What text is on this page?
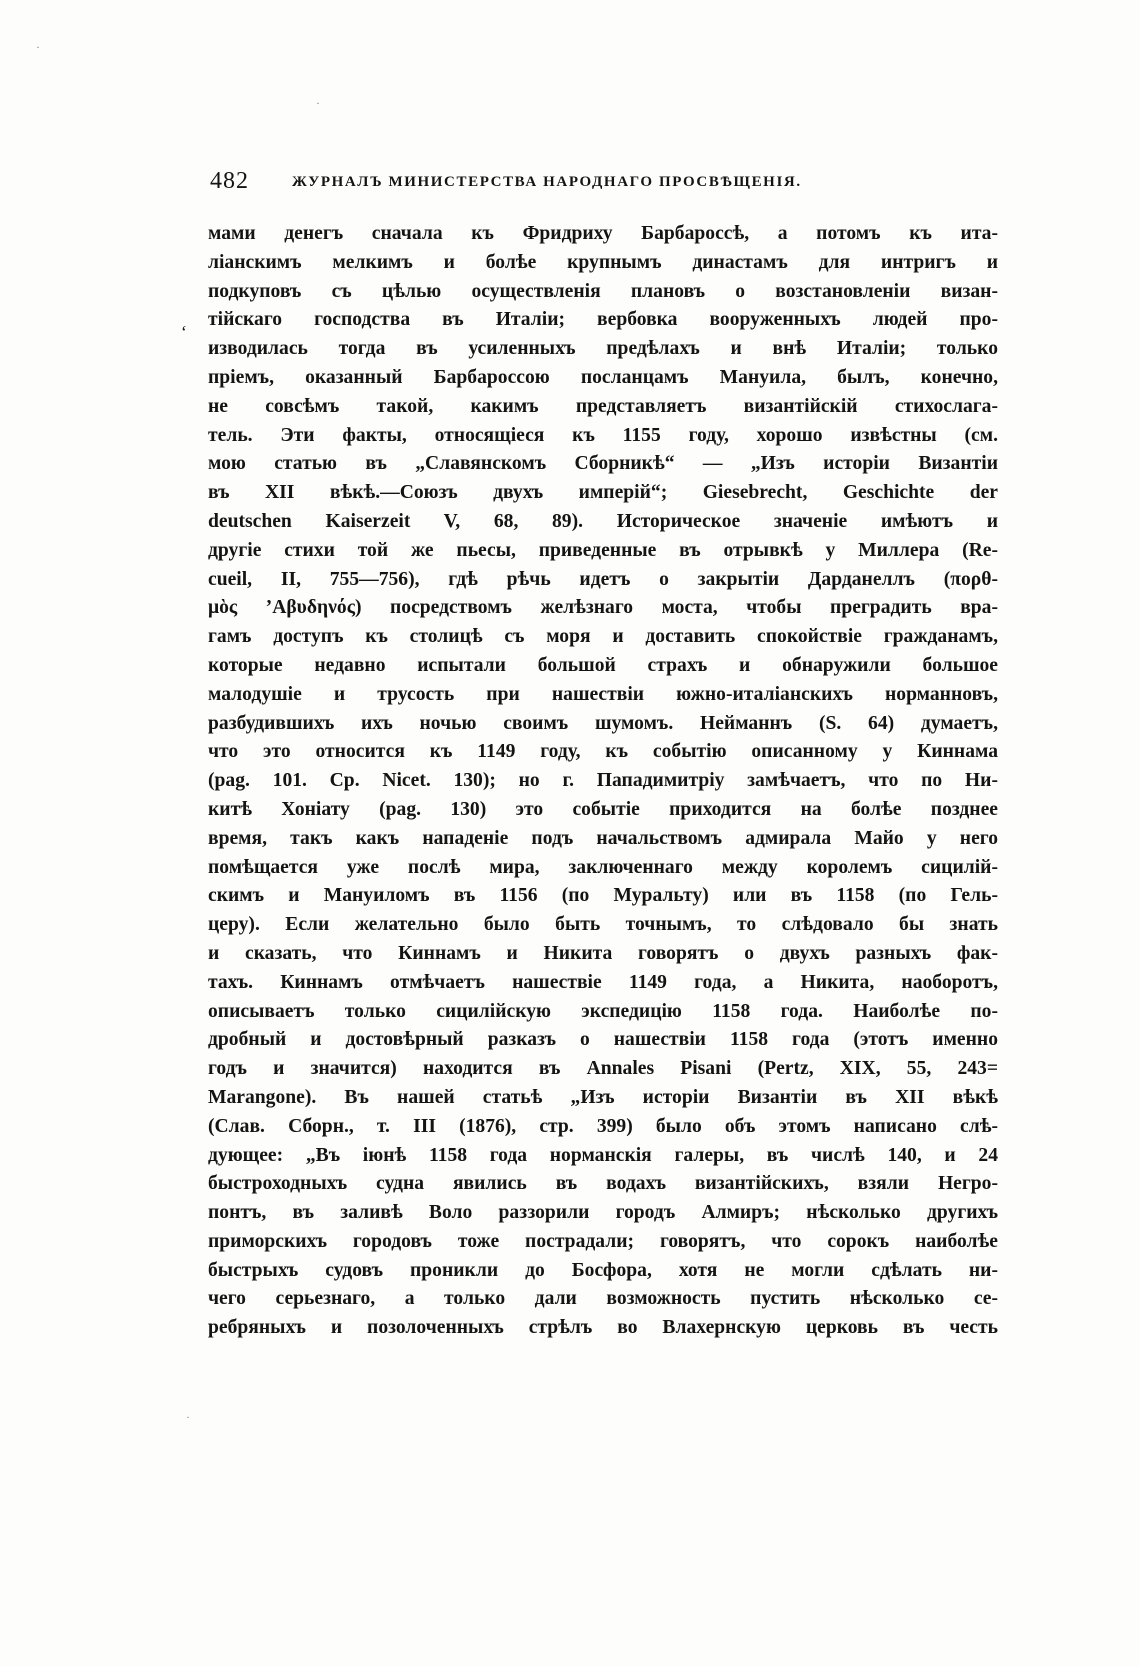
482	ЖУРНАЛЪ МИНИСТЕРСТВА НАРОДНАГО ПРОСВѢЩЕНІЯ.
ʻ
мами денегъ сначала къ Фридриху Барбароссѣ, а потомъ къ ита-
ліанскимъ мелкимъ и болѣе крупнымъ династамъ для интригъ и
подкуповъ съ цѣлью осуществленія плановъ о возстановленіи визан-
тійскаго господства въ Италіи; вербовка вооруженныхъ людей про-
изводилась тогда въ усиленныхъ предѣлахъ и внѣ Италіи; только
пріемъ, оказанный Барбароссою посланцамъ Мануила, былъ, конечно,
не совсѣмъ такой, какимъ представляетъ византійскій стихослага-
тель. Эти факты, относящіеся къ 1155 году, хорошо извѣстны (см.
мою статью въ „Славянскомъ Сборникѣ“ — „Изъ исторіи Византіи
въ XII вѣкѣ.—Союзъ двухъ имперій“; Giesebrecht, Geschichte der
deutschen Kaiserzeit V, 68, 89). Историческое значеніе имѣютъ и
другіе стихи той же пьесы, приведенные въ отрывкѣ у Миллера (Re-
cueil, II, 755—756), гдѣ рѣчь идетъ о закрытіи Дарданеллъ (πορθ-
μὸς ’Αβυδηνός) посредствомъ желѣзнаго моста, чтобы преградить вра-
гамъ доступъ къ столицѣ съ моря и доставить спокойствіе гражданамъ,
которые недавно испытали большой страхъ и обнаружили большое
малодушіе и трусость при нашествіи южно-италіанскихъ норманновъ,
разбудившихъ ихъ ночью своимъ шумомъ. Нейманнъ (S. 64) думаетъ,
что это относится къ 1149 году, къ событію описанному у Киннама
(pag. 101. Cp. Nicet. 130); но г. Пападимитріу замѣчаетъ, что по Ни-
китѣ Хоніату (pag. 130) это событіе приходится на болѣе позднее
время, такъ какъ нападеніе подъ начальствомъ адмирала Майо у него
помѣщается уже послѣ мира, заключеннаго между королемъ сицилій-
скимъ и Мануиломъ въ 1156 (по Муральту) или въ 1158 (по Гель-
церу). Если желательно было быть точнымъ, то слѣдовало бы знать
и сказать, что Киннамъ и Никита говорятъ о двухъ разныхъ фак-
тахъ. Киннамъ отмѣчаетъ нашествіе 1149 года, а Никита, наоборотъ,
описываетъ только сицилійскую экспедицію 1158 года. Наиболѣе по-
дробный и достовѣрный разказъ о нашествіи 1158 года (этотъ именно
годъ и значится) находится въ Annales Pisani (Pertz, XIX, 55, 243=
Marangone). Въ нашей статьѣ „Изъ исторіи Византіи въ XII вѣкѣ
(Слав. Сборн., т. III (1876), стр. 399) было объ этомъ написано слѣ-
дующее: „Въ іюнѣ 1158 года норманскія галеры, въ числѣ 140, и 24
быстроходныхъ судна явились въ водахъ византійскихъ, взяли Негро-
понтъ, въ заливѣ Воло раззорили городъ Алмиръ; нѣсколько другихъ
приморскихъ городовъ тоже пострадали; говорятъ, что сорокъ наиболѣе
быстрыхъ судовъ проникли до Босфора, хотя не могли сдѣлать ни-
чего серьезнаго, а только дали возможность пустить нѣсколько се-
ребряныхъ и позолоченныхъ стрѣлъ во Влахернскую церковь въ честь
·
·
·
